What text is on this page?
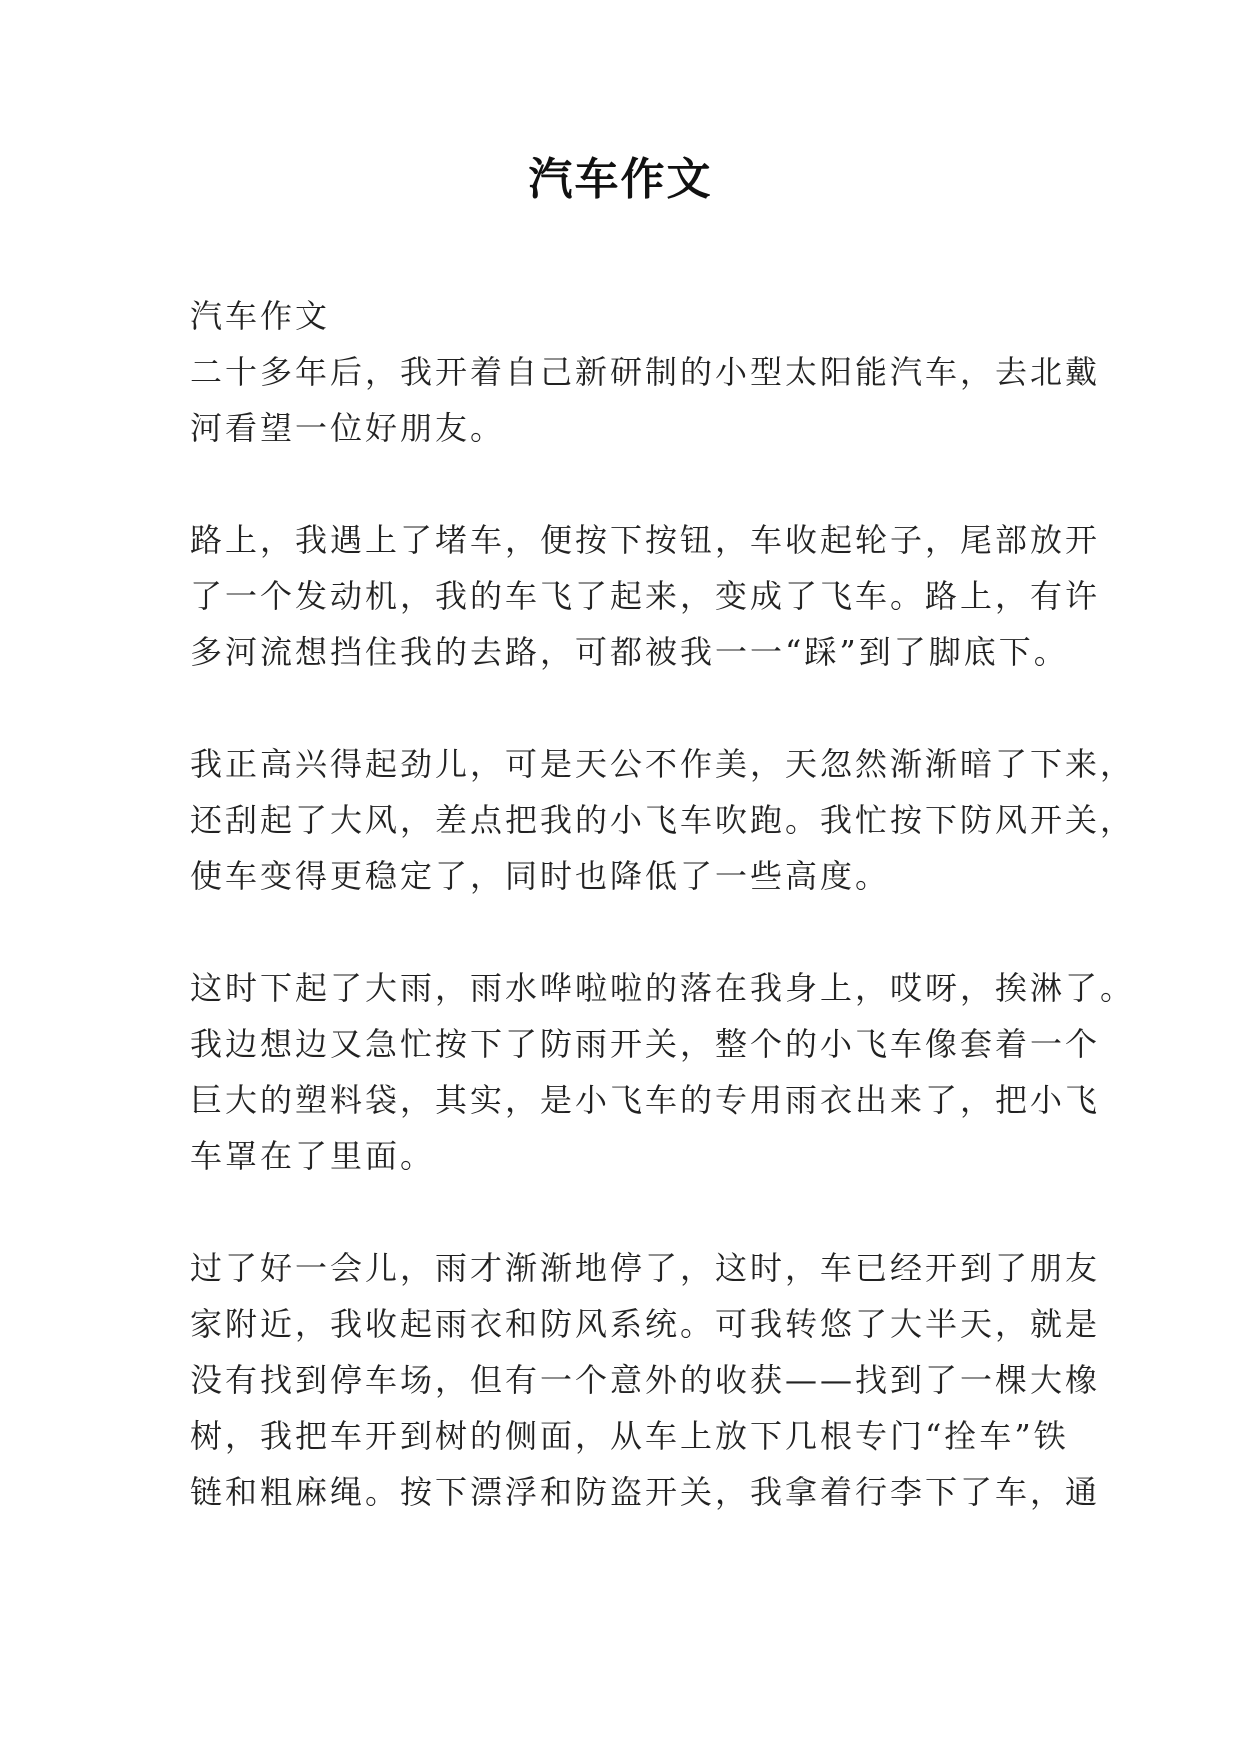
汽车作文
汽车作文
二十多年后，我开着自己新研制的小型太阳能汽车，去北戴
河看望一位好朋友。
路上，我遇上了堵车，便按下按钮，车收起轮子，尾部放开
了一个发动机，我的车飞了起来，变成了飞车。路上，有许
多河流想挡住我的去路，可都被我一一“踩”到了脚底下。
我正高兴得起劲儿，可是天公不作美，天忽然渐渐暗了下来，
还刮起了大风，差点把我的小飞车吹跑。我忙按下防风开关，
使车变得更稳定了，同时也降低了一些高度。
这时下起了大雨，雨水哗啦啦的落在我身上，哎呀，挨淋了。
我边想边又急忙按下了防雨开关，整个的小飞车像套着一个
巨大的塑料袋，其实，是小飞车的专用雨衣出来了，把小飞
车罩在了里面。
过了好一会儿，雨才渐渐地停了，这时，车已经开到了朋友
家附近，我收起雨衣和防风系统。可我转悠了大半天，就是
没有找到停车场，但有一个意外的收获——找到了一棵大橡
树，我把车开到树的侧面，从车上放下几根专门“拴车”铁
链和粗麻绳。按下漂浮和防盗开关，我拿着行李下了车，通
